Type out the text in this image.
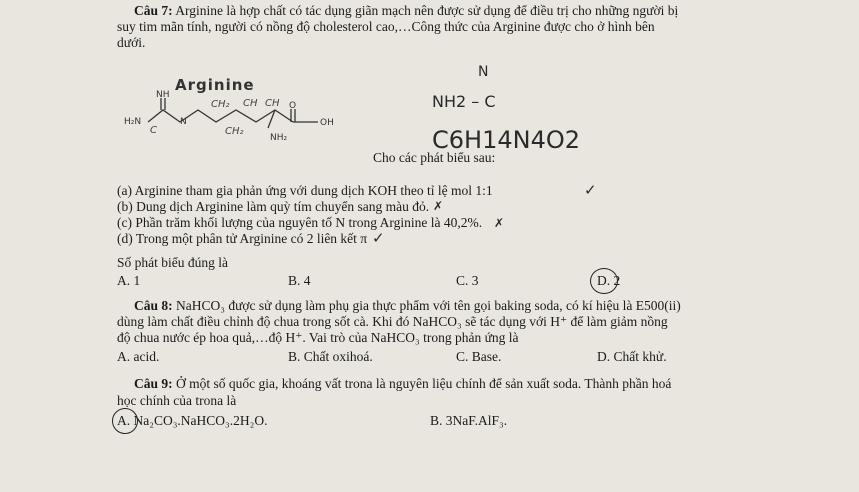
Câu 7: Arginine là hợp chất có tác dụng giãn mạch nên được sử dụng để điều trị cho những người bị
suy tim mãn tính, người có nồng độ cholesterol cao,…Công thức của Arginine được cho ở hình bên
dưới.
Arginine
H₂N
NH
N	OH
NH₂
O
CH₂ CH CH
CH₂
C
N
NH2 – C
C6H14N4O2
Cho các phát biểu sau:
(a) Arginine tham gia phản ứng với dung dịch KOH theo tỉ lệ mol 1:1
(b) Dung dịch Arginine làm quỳ tím chuyển sang màu đỏ.
(c) Phần trăm khối lượng của nguyên tố N trong Arginine là 40,2%.
(d) Trong một phân tử Arginine có 2 liên kết π
✓
✗
✗
✓
Số phát biểu đúng là
A. 1	B. 4	C. 3	D. 2
Câu 8: NaHCO₃ được sử dụng làm phụ gia thực phẩm với tên gọi baking soda, có kí hiệu là E500(ii)
dùng làm chất điều chỉnh độ chua trong sốt cà. Khi đó NaHCO₃ sẽ tác dụng với H⁺ để làm giảm nồng
độ chua nước ép hoa quả,…độ H⁺. Vai trò của NaHCO₃ trong phản ứng là
A. acid.	B. Chất oxihoá.	C. Base.	D. Chất khử.
Câu 9: Ở một số quốc gia, khoáng vất trona là nguyên liệu chính để sản xuất soda. Thành phần hoá
học chính của trona là
A. Na₂CO₃.NaHCO₃.2H₂O.	B. 3NaF.AlF₃.
